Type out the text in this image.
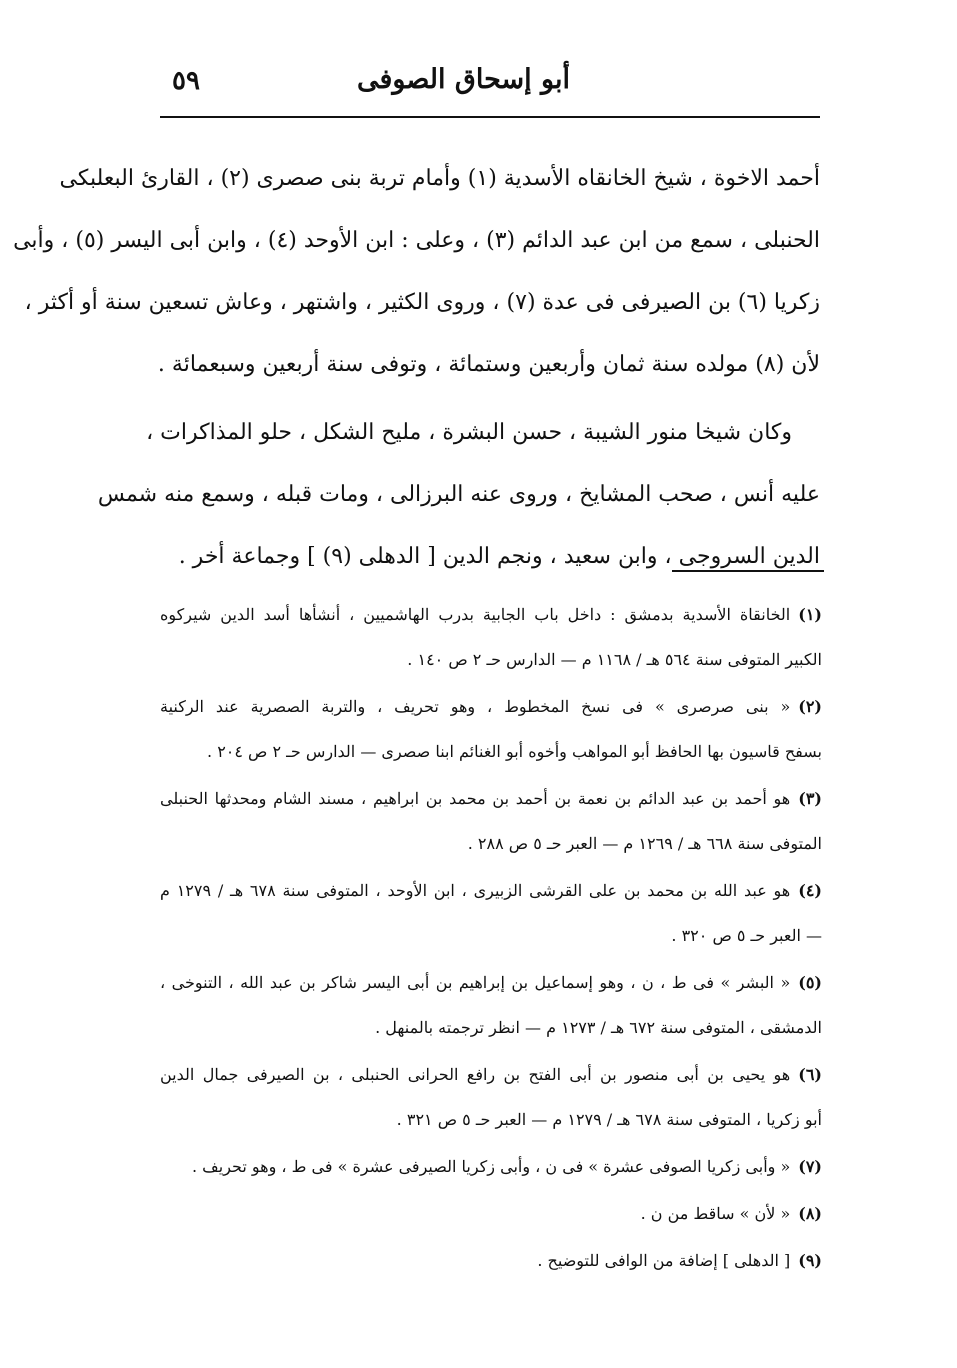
أبو إسحاق الصوفى
٥٩
أحمد الاخوة ، شيخ الخانقاه الأسدية (١) وأمام تربة بنى صصرى (٢) ، القارئ البعلبكى
الحنبلى ، سمع من ابن عبد الدائم (٣) ، وعلى : ابن الأوحد (٤) ، وابن أبى اليسر (٥) ، وأبى
زكريا (٦) بن الصيرفى فى عدة (٧) ، وروى الكثير ، واشتهر ، وعاش تسعين سنة أو أكثر ،
لأن (٨) مولده سنة ثمان وأربعين وستمائة ، وتوفى سنة أربعين وسبعمائة .
وكان شيخا منور الشيبة ، حسن البشرة ، مليح الشكل ، حلو المذاكرات ،
عليه أنس ، صحب المشايخ ، وروى عنه البرزالى ، ومات قبله ، وسمع منه شمس
الدين السروجى ، وابن سعيد ، ونجم الدين [ الدهلى (٩) ] وجماعة أخر .
(١)الخانقاة الأسدية بدمشق : داخل باب الجابية بدرب الهاشميين ، أنشأها أسد الدين شيركوه
الكبير المتوفى سنة ٥٦٤ هـ / ١١٦٨ م — الدارس حـ ٢ ص ١٤٠ .
(٢)« بنى صرصرى » فى نسخ المخطوط ، وهو تحريف ، والتربة الصصرية عند الركنية
بسفح قاسيون بها الحافظ أبو المواهب وأخوه أبو الغنائم ابنا صصرى — الدارس حـ ٢ ص ٢٠٤ .
(٣)هو أحمد بن عبد الدائم بن نعمة بن أحمد بن محمد بن ابراهيم ، مسند الشام ومحدثها الحنبلى
المتوفى سنة ٦٦٨ هـ / ١٢٦٩ م — العبر حـ ٥ ص ٢٨٨ .
(٤)هو عبد الله بن محمد بن على القرشى الزبيرى ، ابن الأوحد ، المتوفى سنة ٦٧٨ هـ / ١٢٧٩ م
— العبر حـ ٥ ص ٣٢٠ .
(٥)« البشر » فى ط ، ن ، وهو إسماعيل بن إبراهيم بن أبى اليسر شاكر بن عبد الله ، التنوخى ،
الدمشقى ، المتوفى سنة ٦٧٢ هـ / ١٢٧٣ م — انظر ترجمته بالمنهل .
(٦)هو يحيى بن أبى منصور بن أبى الفتح بن رافع الحرانى الحنبلى ، بن الصيرفى جمال الدين
أبو زكريا ، المتوفى سنة ٦٧٨ هـ / ١٢٧٩ م — العبر حـ ٥ ص ٣٢١ .
(٧)« وأبى زكريا الصوفى عشرة » فى ن ، وأبى زكريا الصيرفى عشرة » فى ط ، وهو تحريف .
(٨)« لأن » ساقط من ن .
(٩)[ الدهلى ] إضافة من الوافى للتوضيح .
